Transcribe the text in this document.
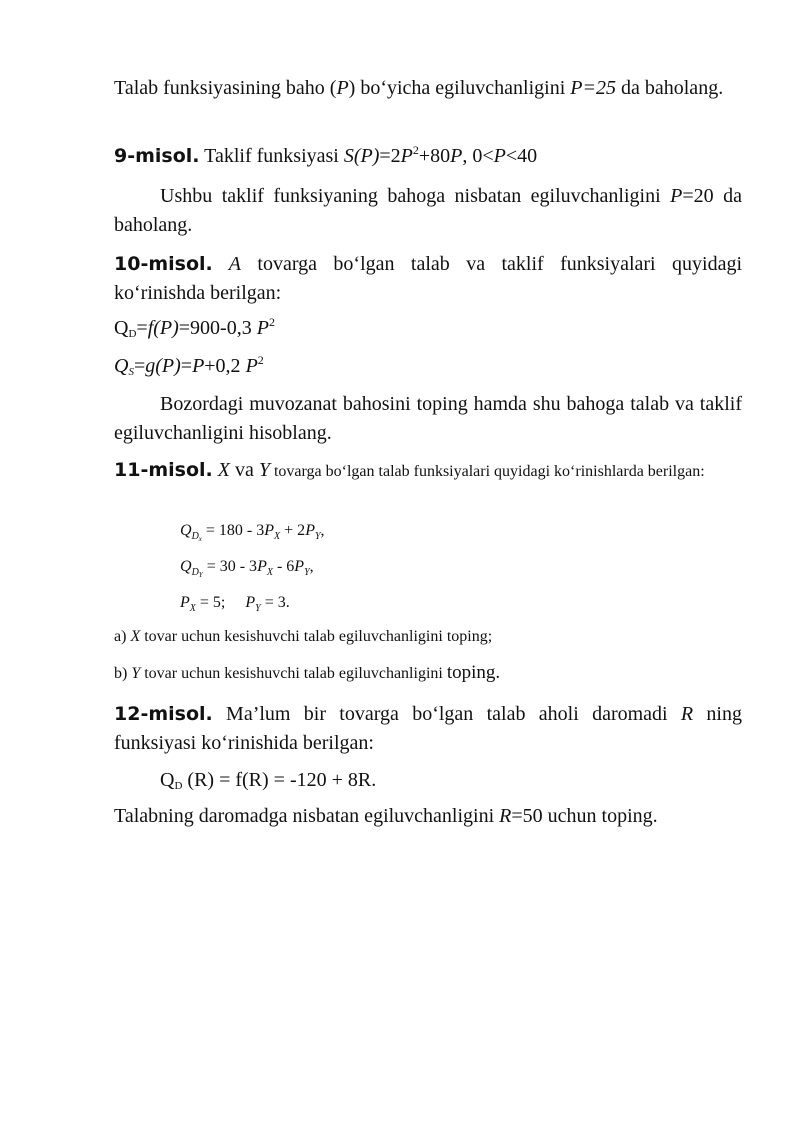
Talab funksiyasining baho (P) bo‘yicha egiluvchanligini P=25 da baholang.
9-misol. Taklif funksiyasi $S(P)=2P^2+80P$, 0<P<40
Ushbu taklif funksiyaning bahoga nisbatan egiluvchanligini P=20 da baholang.
10-misol. A tovarga bo‘lgan talab va taklif funksiyalari quyidagi ko‘rinishda berilgan:
$Q_D=f(P)=900-0,3$ $P^2$
$Q_S=g(P)=P+0,2$ $P^2$
Bozordagi muvozanat bahosini toping hamda shu bahoga talab va taklif egiluvchanligini hisoblang.
11-misol. X va Y tovarga bo‘lgan talab funksiyalari quyidagi ko‘rinishlarda berilgan:
$Q_{D_x} = 180 - 3P_X + 2P_Y$,
$Q_{D_Y} = 30 - 3P_X - 6P_Y$,
$P_X = 5$; $P_Y = 3$.
a) X tovar uchun kesishuvchi talab egiluvchanligini toping;
b) Y tovar uchun kesishuvchi talab egiluvchanligini toping.
12-misol. Ma’lum bir tovarga bo‘lgan talab aholi daromadi R ning funksiyasi ko‘rinishida berilgan:
$Q_D$ (R) = f(R) = -120 + 8R.
Talabning daromadga nisbatan egiluvchanligini R=50 uchun toping.
